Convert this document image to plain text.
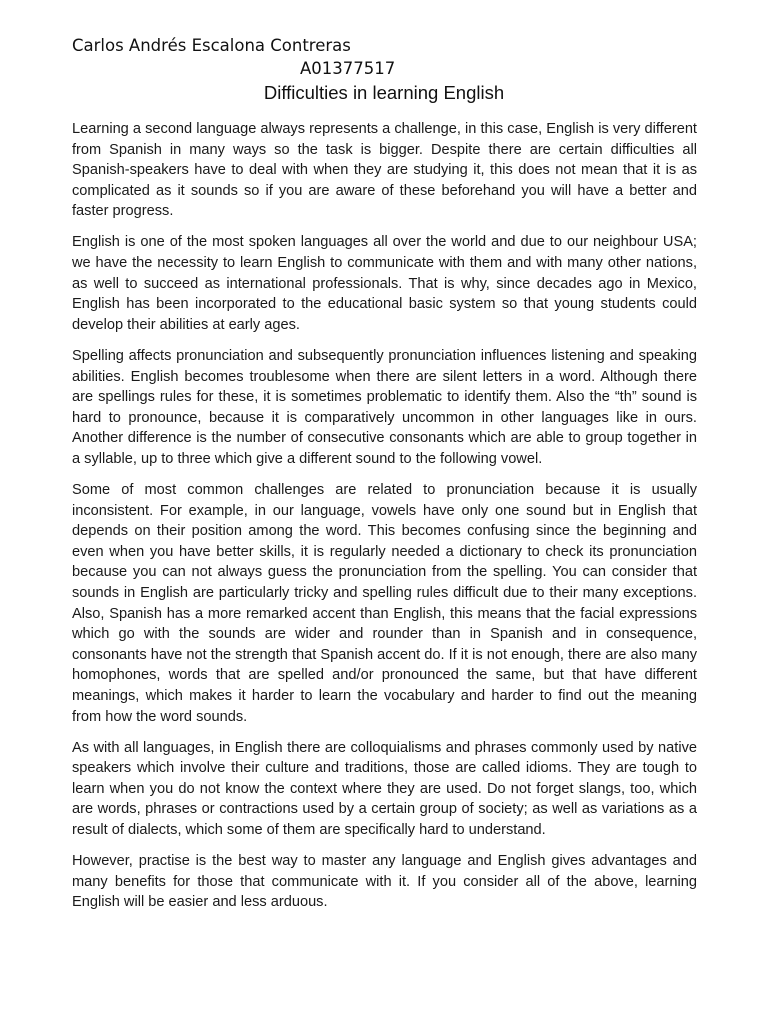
Carlos Andrés Escalona Contreras
A01377517
Difficulties in learning English

Learning a second language always represents a challenge, in this case, English is very different from Spanish in many ways so the task is bigger. Despite there are certain difficulties all Spanish-speakers have to deal with when they are studying it, this does not mean that it is as complicated as it sounds so if you are aware of these beforehand you will have a better and faster progress.

English is one of the most spoken languages all over the world and due to our neighbour USA; we have the necessity to learn English to communicate with them and with many other nations, as well to succeed as international professionals. That is why, since decades ago in Mexico, English has been incorporated to the educational basic system so that young students could develop their abilities at early ages.

Spelling affects pronunciation and subsequently pronunciation influences listening and speaking abilities. English becomes troublesome when there are silent letters in a word. Although there are spellings rules for these, it is sometimes problematic to identify them. Also the “th” sound is hard to pronounce, because it is comparatively uncommon in other languages like in ours. Another difference is the number of consecutive consonants which are able to group together in a syllable, up to three which give a different sound to the following vowel.

Some of most common challenges are related to pronunciation because it is usually inconsistent. For example, in our language, vowels have only one sound but in English that depends on their position among the word. This becomes confusing since the beginning and even when you have better skills, it is regularly needed a dictionary to check its pronunciation because you can not always guess the pronunciation from the spelling. You can consider that sounds in English are particularly tricky and spelling rules difficult due to their many exceptions. Also, Spanish has a more remarked accent than English, this means that the facial expressions which go with the sounds are wider and rounder than in Spanish and in consequence, consonants have not the strength that Spanish accent do. If it is not enough, there are also many homophones, words that are spelled and/or pronounced the same, but that have different meanings, which makes it harder to learn the vocabulary and harder to find out the meaning from how the word sounds.

As with all languages, in English there are colloquialisms and phrases commonly used by native speakers which involve their culture and traditions, those are called idioms. They are tough to learn when you do not know the context where they are used. Do not forget slangs, too, which are words, phrases or contractions used by a certain group of society; as well as variations as a result of dialects, which some of them are specifically hard to understand.

However, practise is the best way to master any language and English gives advantages and many benefits for those that communicate with it. If you consider all of the above, learning English will be easier and less arduous.
